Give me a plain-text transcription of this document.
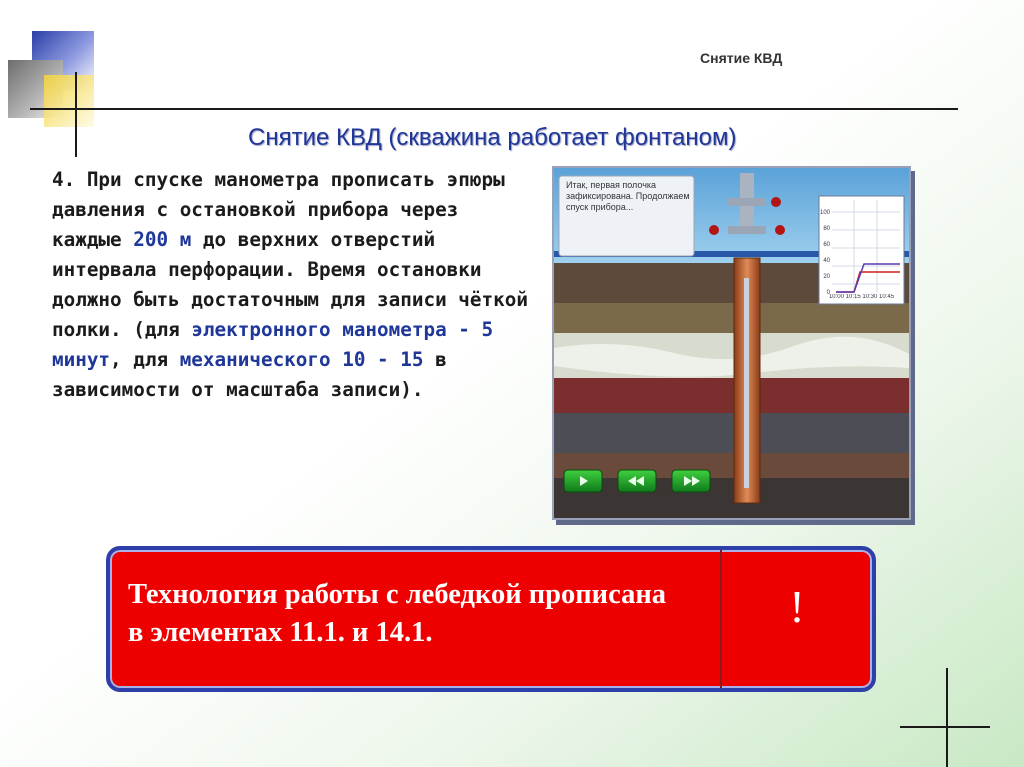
Снятие КВД
Снятие КВД (скважина работает фонтаном)
4. При спуске манометра прописать эпюры давления с остановкой прибора через каждые 200 м до верхних отверстий интервала перфорации. Время остановки должно быть достаточным для записи чёткой полки. (для электронного манометра - 5 минут, для механического 10 - 15 в зависимости от масштаба записи).
Итак, первая полочка зафиксирована. Продолжаем спуск прибора...
10:00 10:15 10:30 10:45
100
80
60
40
20
0
Технология работы с лебедкой прописана в элементах 11.1. и 14.1.
!
